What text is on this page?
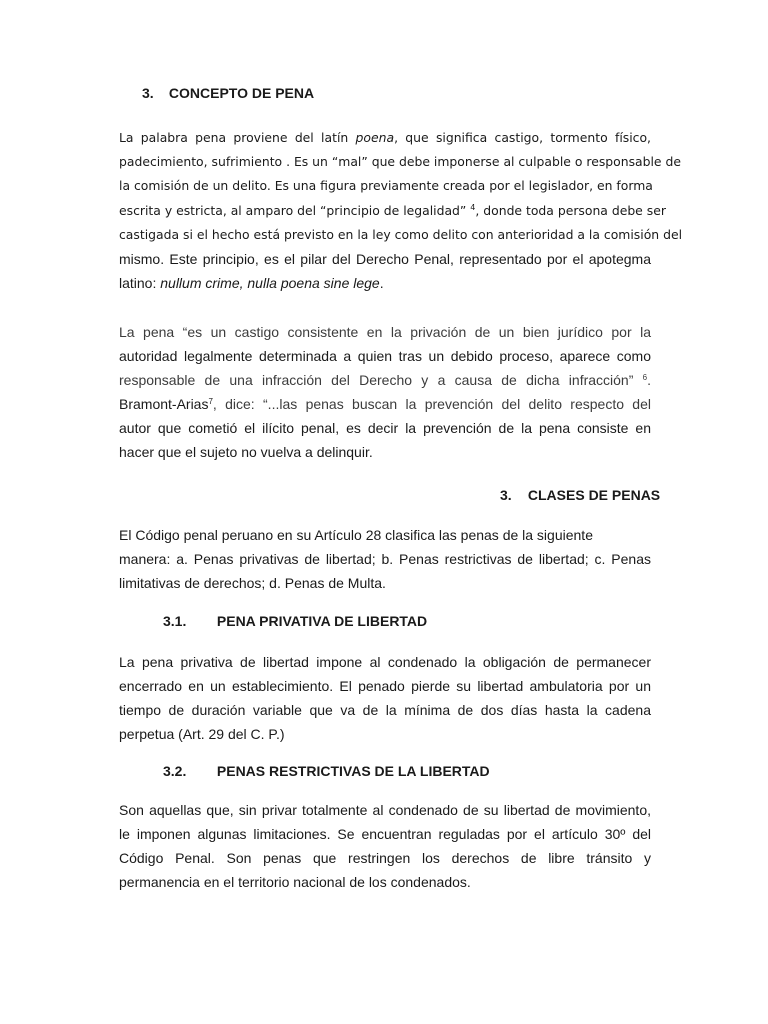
3. CONCEPTO DE PENA
La palabra pena proviene del latín poena, que significa castigo, tormento físico,
padecimiento, sufrimiento . Es un “mal” que debe imponerse al culpable o responsable de
la comisión de un delito. Es una figura previamente creada por el legislador, en forma
escrita y estricta, al amparo del “principio de legalidad” $^4$, donde toda persona debe ser
castigada si el hecho está previsto en la ley como delito con anterioridad a la comisión del
mismo. Este principio, es el pilar del Derecho Penal, representado por el apotegma
latino: nullum crime, nulla poena sine lege.
La pena “es un castigo consistente en la privación de un bien jurídico por la
autoridad legalmente determinada a quien tras un debido proceso, aparece como
responsable de una infracción del Derecho y a causa de dicha infracción” $^6$.
Bramont-Arias$^7$, dice: “...las penas buscan la prevención del delito respecto del
autor que cometió el ilícito penal, es decir la prevención de la pena consiste en
hacer que el sujeto no vuelva a delinquir.
3. CLASES DE PENAS
El Código penal peruano en su Artículo 28 clasifica las penas de la siguiente
manera: a. Penas privativas de libertad; b. Penas restrictivas de libertad; c. Penas
limitativas de derechos; d. Penas de Multa.
3.1. PENA PRIVATIVA DE LIBERTAD
La pena privativa de libertad impone al condenado la obligación de permanecer
encerrado en un establecimiento. El penado pierde su libertad ambulatoria por un
tiempo de duración variable que va de la mínima de dos días hasta la cadena
perpetua (Art. 29 del C. P.)
3.2. PENAS RESTRICTIVAS DE LA LIBERTAD
Son aquellas que, sin privar totalmente al condenado de su libertad de movimiento,
le imponen algunas limitaciones. Se encuentran reguladas por el artículo 30º del
Código Penal. Son penas que restringen los derechos de libre tránsito y
permanencia en el territorio nacional de los condenados.
